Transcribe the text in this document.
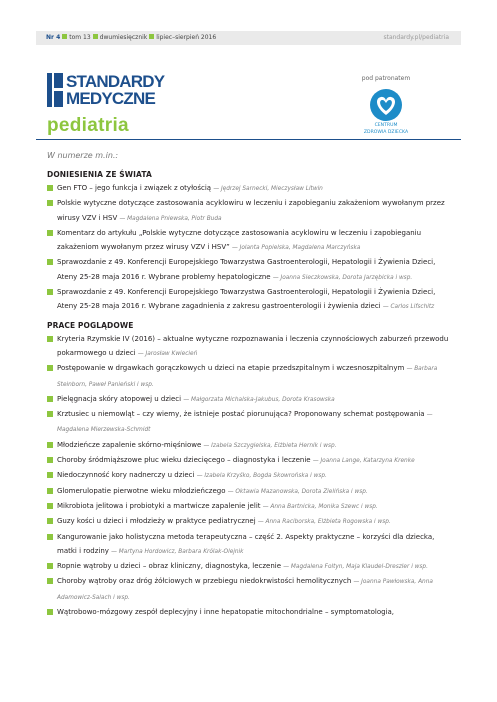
Nr 4 tom 13 dwumiesięcznik lipiec–sierpień 2016	standardy.pl/pediatria
STANDARDY
MEDYCZNE
pediatria
pod patronatem
CENTRUM
ZDROWIA DZIECKA
W numerze m.in.:
DONIESIENIA ZE ŚWIATA
Gen FTO – jego funkcja i związek z otyłością — Jędrzej Sarnecki, Mieczysław Litwin
Polskie wytyczne dotyczące zastosowania acyklowiru w leczeniu i zapobieganiu zakażeniom wywołanym przez wirusy VZV i HSV — Magdalena Pniewska, Piotr Buda
Komentarz do artykułu „Polskie wytyczne dotyczące zastosowania acyklowiru w leczeniu i zapobieganiu zakażeniom wywołanym przez wirusy VZV i HSV” — Jolanta Popielska, Magdalena Marczyńska
Sprawozdanie z 49. Konferencji Europejskiego Towarzystwa Gastroenterologii, Hepatologii i Żywienia Dzieci, Ateny 25-28 maja 2016 r. Wybrane problemy hepatologiczne — Joanna Sieczkowska, Dorota Jarzębicka i wsp.
Sprawozdanie z 49. Konferencji Europejskiego Towarzystwa Gastroenterologii, Hepatologii i Żywienia Dzieci, Ateny 25-28 maja 2016 r. Wybrane zagadnienia z zakresu gastroenterologii i żywienia dzieci — Carlos Lifschitz
PRACE POGLĄDOWE
Kryteria Rzymskie IV (2016) – aktualne wytyczne rozpoznawania i leczenia czynnościowych zaburzeń przewodu pokarmowego u dzieci — Jarosław Kwiecień
Postępowanie w drgawkach gorączkowych u dzieci na etapie przedszpitalnym i wczesnoszpitalnym — Barbara Steinborn, Paweł Panieński i wsp.
Pielęgnacja skóry atopowej u dzieci — Małgorzata Michalska-Jakubus, Dorota Krasowska
Krztusiec u niemowląt – czy wiemy, że istnieje postać piorunująca? Proponowany schemat postępowania — Magdalena Mierzewska-Schmidt
Młodzieńcze zapalenie skórno-mięśniowe — Izabela Szczygielska, Elżbieta Hernik i wsp.
Choroby śródmiąższowe płuc wieku dziecięcego – diagnostyka i leczenie — Joanna Lange, Katarzyna Krenke
Niedoczynność kory nadnerczy u dzieci — Izabela Krzyśko, Bogda Skowrońska i wsp.
Glomerulopatie pierwotne wieku młodzieńczego — Oktawia Mazanowska, Dorota Zielińska i wsp.
Mikrobiota jelitowa i probiotyki a martwicze zapalenie jelit — Anna Bartnicka, Monika Szewc i wsp.
Guzy kości u dzieci i młodzieży w praktyce pediatrycznej — Anna Raciborska, Elżbieta Rogowska i wsp.
Kangurowanie jako holistyczna metoda terapeutyczna – część 2. Aspekty praktyczne – korzyści dla dziecka, matki i rodziny — Martyna Hordowicz, Barbara Królak-Olejnik
Ropnie wątroby u dzieci – obraz kliniczny, diagnostyka, leczenie — Magdalena Foltyn, Maja Klaudel-Dreszler i wsp.
Choroby wątroby oraz dróg żółciowych w przebiegu niedokrwistości hemolitycznych — Joanna Pawłowska, Anna Adamowicz-Salach i wsp.
Wątrobowo-mózgowy zespół deplecyjny i inne hepatopatie mitochondrialne – symptomatologia,
